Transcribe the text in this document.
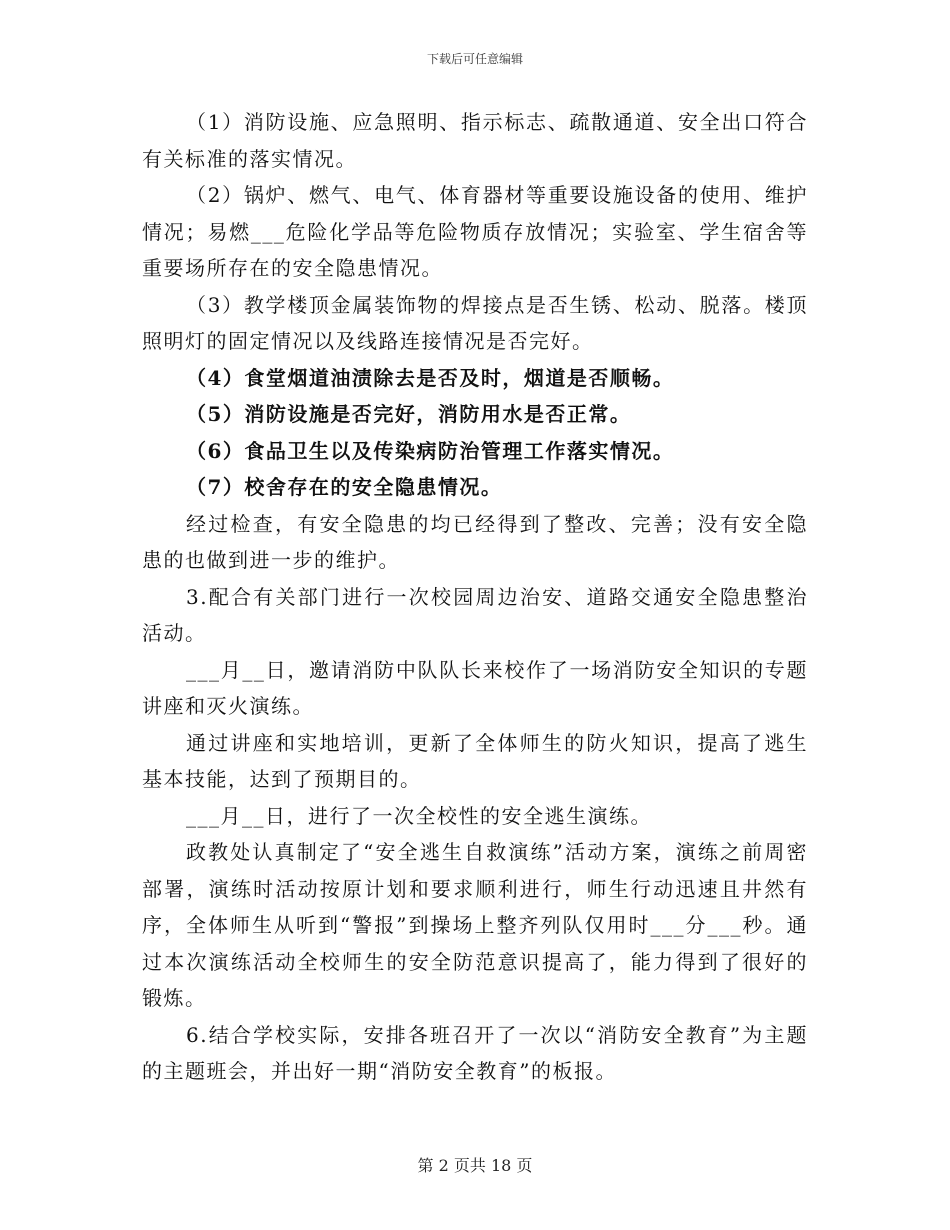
下载后可任意编辑

（1）消防设施、应急照明、指示标志、疏散通道、安全出口符合有关标准的落实情况。

（2）锅炉、燃气、电气、体育器材等重要设施设备的使用、维护情况；易燃___危险化学品等危险物质存放情况；实验室、学生宿舍等重要场所存在的安全隐患情况。

（3）教学楼顶金属装饰物的焊接点是否生锈、松动、脱落。楼顶照明灯的固定情况以及线路连接情况是否完好。

（4）食堂烟道油渍除去是否及时，烟道是否顺畅。

（5）消防设施是否完好，消防用水是否正常。

（6）食品卫生以及传染病防治管理工作落实情况。

（7）校舍存在的安全隐患情况。

经过检查，有安全隐患的均已经得到了整改、完善；没有安全隐患的也做到进一步的维护。

3.配合有关部门进行一次校园周边治安、道路交通安全隐患整治活动。

___月__日，邀请消防中队队长来校作了一场消防安全知识的专题讲座和灭火演练。

通过讲座和实地培训，更新了全体师生的防火知识，提高了逃生基本技能，达到了预期目的。

___月__日，进行了一次全校性的安全逃生演练。

政教处认真制定了“安全逃生自救演练”活动方案，演练之前周密部署，演练时活动按原计划和要求顺利进行，师生行动迅速且井然有序，全体师生从听到“警报”到操场上整齐列队仅用时___分___秒。通过本次演练活动全校师生的安全防范意识提高了，能力得到了很好的锻炼。

6.结合学校实际，安排各班召开了一次以“消防安全教育”为主题的主题班会，并出好一期“消防安全教育”的板报。

第 2 页共 18 页
